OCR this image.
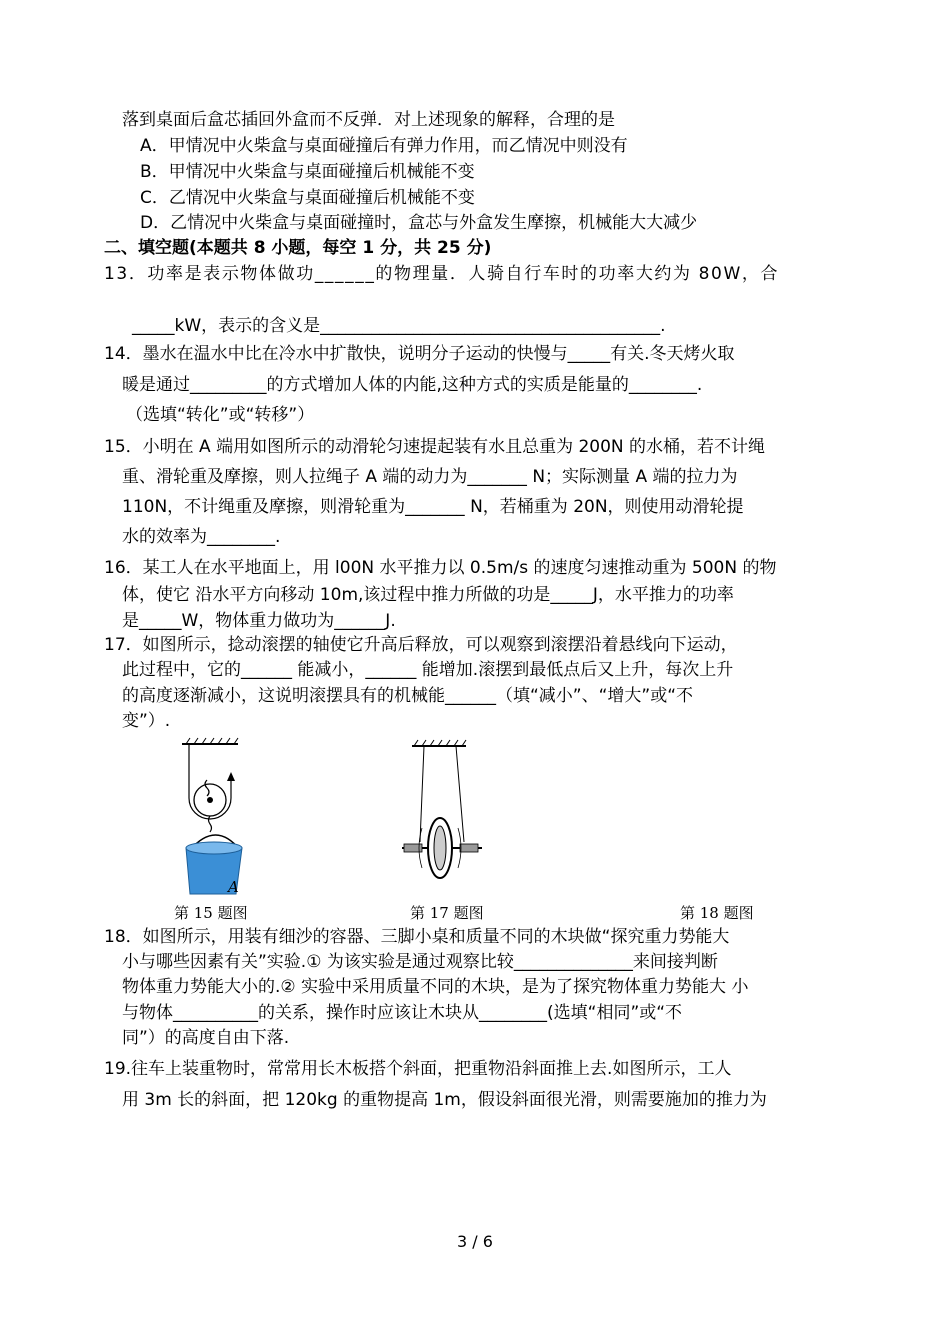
落到桌面后盒芯插回外盒而不反弹．对上述现象的解释，合理的是
A．甲情况中火柴盒与桌面碰撞后有弹力作用，而乙情况中则没有
B．甲情况中火柴盒与桌面碰撞后机械能不变
C．乙情况中火柴盒与桌面碰撞后机械能不变
D．乙情况中火柴盒与桌面碰撞时，盒芯与外盒发生摩擦，机械能大大减少
二、填空题(本题共 8 小题，每空 1 分，共 25 分)
13．功率是表示物体做功______的物理量．人骑自行车时的功率大约为 80W，合
_____kW，表示的含义是________________________________________.
14．墨水在温水中比在冷水中扩散快，说明分子运动的快慢与_____有关.冬天烤火取
暖是通过_________的方式增加人体的内能,这种方式的实质是能量的________.
（选填“转化”或“转移”）
15．小明在 A 端用如图所示的动滑轮匀速提起装有水且总重为 200N 的水桶，若不计绳
重、滑轮重及摩擦，则人拉绳子 A 端的动力为_______ N；实际测量 A 端的拉力为
110N，不计绳重及摩擦，则滑轮重为_______ N，若桶重为 20N，则使用动滑轮提
水的效率为________.
16．某工人在水平地面上，用 l00N 水平推力以 0.5m/s 的速度匀速推动重为 500N 的物
体，使它 沿水平方向移动 10m,该过程中推力所做的功是_____J，水平推力的功率
是_____W，物体重力做功为______J.
17．如图所示，捻动滚摆的轴使它升高后释放，可以观察到滚摆沿着悬线向下运动，
此过程中，它的______ 能减小，______ 能增加.滚摆到最低点后又上升，每次上升
的高度逐渐减小，这说明滚摆具有的机械能______（填“减小”、“增大”或“不
变”）.
A
第 15 题图	第 17 题图	第 18 题图
18．如图所示，用装有细沙的容器、三脚小桌和质量不同的木块做“探究重力势能大
小与哪些因素有关”实验.① 为该实验是通过观察比较______________来间接判断
物体重力势能大小的.② 实验中采用质量不同的木块，是为了探究物体重力势能大 小
与物体__________的关系，操作时应该让木块从________(选填“相同”或“不
同”）的高度自由下落.
19.往车上装重物时，常常用长木板搭个斜面，把重物沿斜面推上去.如图所示，工人
用 3m 长的斜面，把 120kg 的重物提高 1m，假设斜面很光滑，则需要施加的推力为
3 / 6
